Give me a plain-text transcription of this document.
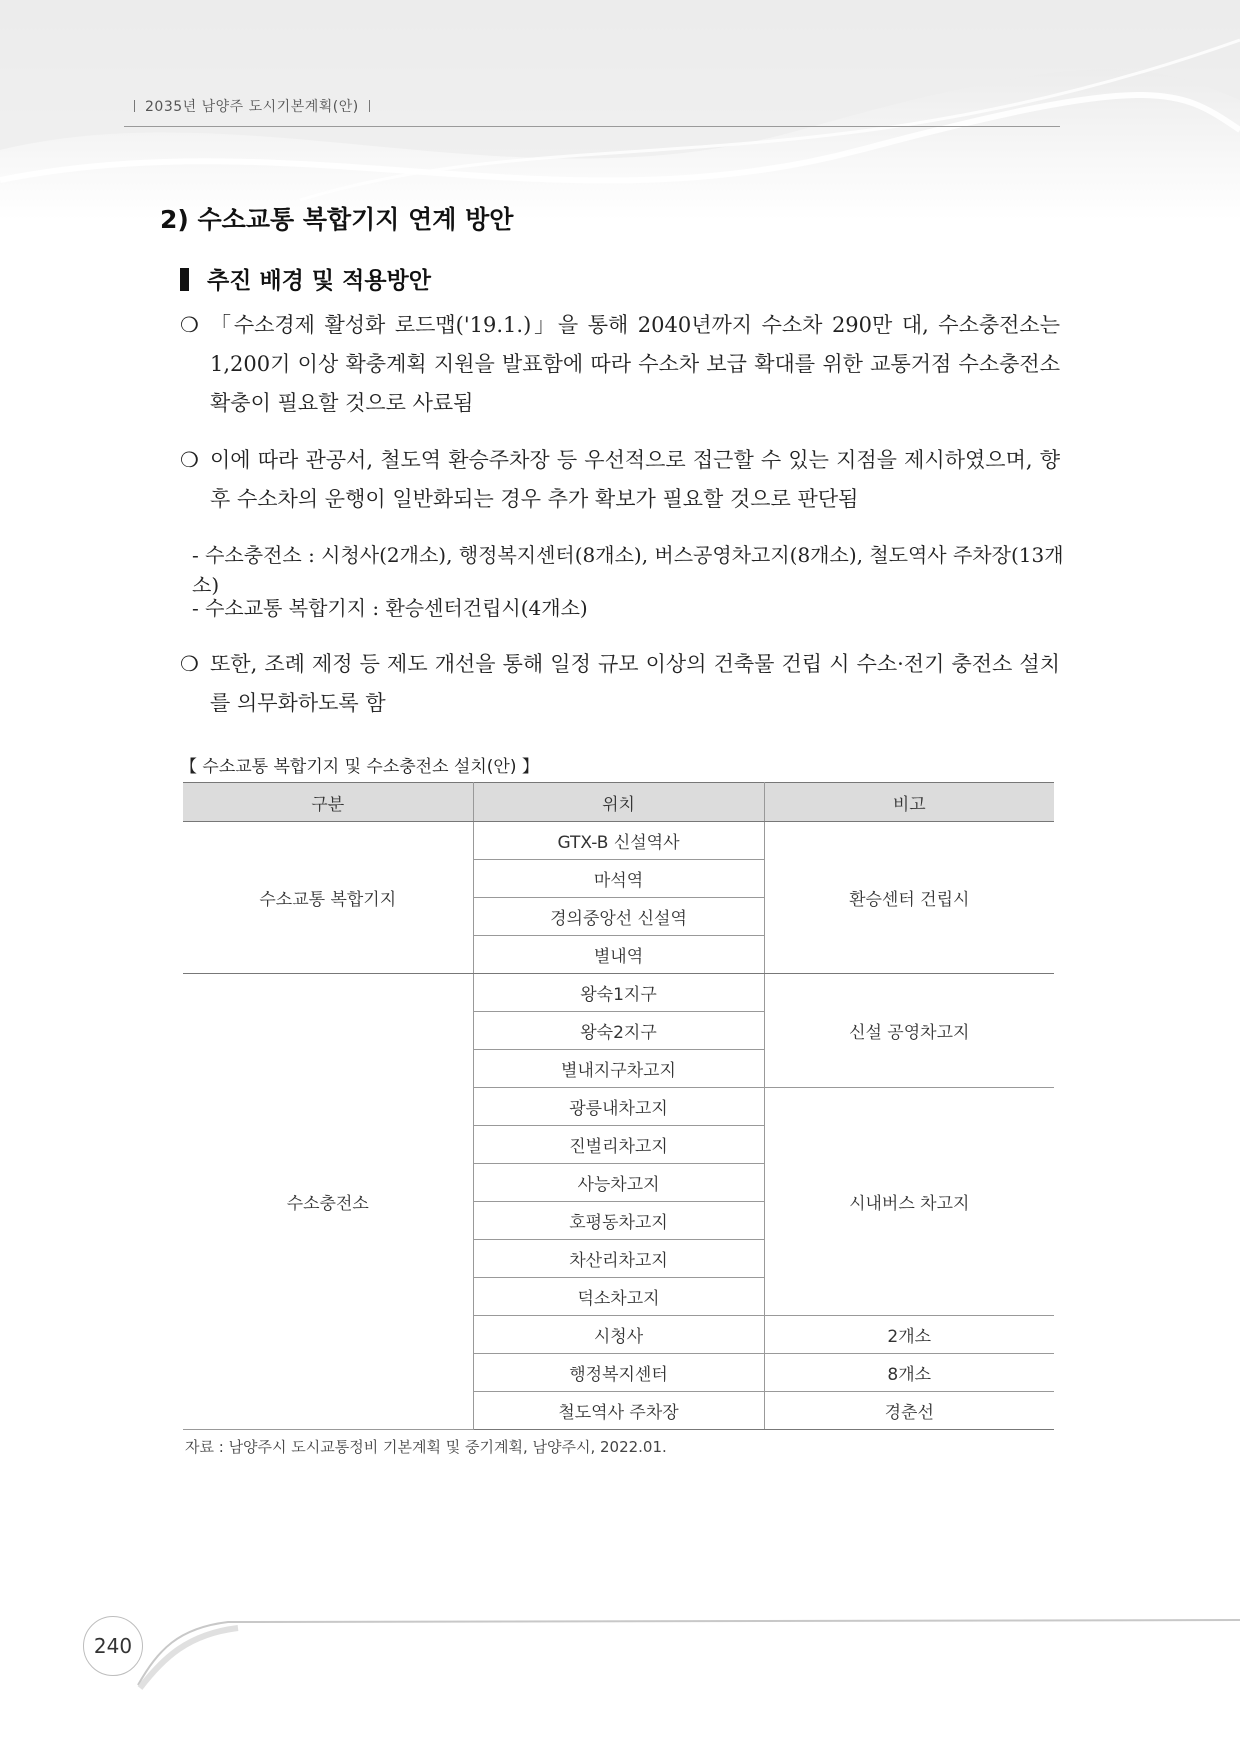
2035년 남양주 도시기본계획(안)
2) 수소교통 복합기지 연계 방안
추진 배경 및 적용방안
❍ 「수소경제 활성화 로드맵('19.1.)」을 통해 2040년까지 수소차 290만 대, 수소충전소는 1,200기 이상 확충계획 지원을 발표함에 따라 수소차 보급 확대를 위한 교통거점 수소충전소 확충이 필요할 것으로 사료됨
❍ 이에 따라 관공서, 철도역 환승주차장 등 우선적으로 접근할 수 있는 지점을 제시하였으며, 향후 수소차의 운행이 일반화되는 경우 추가 확보가 필요할 것으로 판단됨
- 수소충전소 : 시청사(2개소), 행정복지센터(8개소), 버스공영차고지(8개소), 철도역사 주차장(13개소)
- 수소교통 복합기지 : 환승센터건립시(4개소)
❍ 또한, 조례 제정 등 제도 개선을 통해 일정 규모 이상의 건축물 건립 시 수소·전기 충전소 설치를 의무화하도록 함
【 수소교통 복합기지 및 수소충전소 설치(안) 】
구분	위치	비고
수소교통 복합기지	GTX-B 신설역사	환승센터 건립시
	마석역	
	경의중앙선 신설역	
	별내역	
수소충전소	왕숙1지구	신설 공영차고지
	왕숙2지구	
	별내지구차고지	
	광릉내차고지	시내버스 차고지
	진벌리차고지	
	사능차고지	
	호평동차고지	
	차산리차고지	
	덕소차고지	
	시청사	2개소
	행정복지센터	8개소
	철도역사 주차장	경춘선
자료 : 남양주시 도시교통정비 기본계획 및 중기계획, 남양주시, 2022.01.
240
